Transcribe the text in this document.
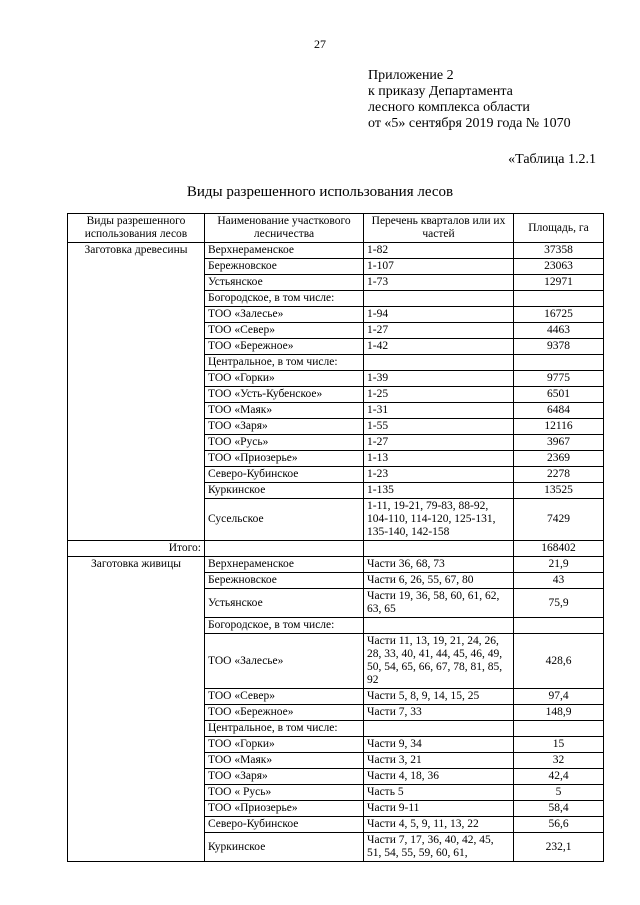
27
Приложение 2
к приказу Департамента
лесного комплекса области
от «5» сентября 2019 года № 1070
«Таблица 1.2.1
Виды разрешенного использования лесов
Виды разрешенного использования лесов	Наименование участкового лесничества	Перечень кварталов или их частей	Площадь, га
Заготовка древесины	Верхнераменское	1-82	37358
	Бережновское	1-107	23063
	Устьянское	1-73	12971
	Богородское, в том числе:		
	ТОО «Залесье»	1-94	16725
	ТОО «Север»	1-27	4463
	ТОО «Бережное»	1-42	9378
	Центральное, в том числе:		
	ТОО «Горки»	1-39	9775
	ТОО «Усть-Кубенское»	1-25	6501
	ТОО «Маяк»	1-31	6484
	ТОО «Заря»	1-55	12116
	ТОО «Русь»	1-27	3967
	ТОО «Приозерье»	1-13	2369
	Северо-Кубинское	1-23	2278
	Куркинское	1-135	13525
	Сусельское	1-11, 19-21, 79-83, 88-92, 104-110, 114-120, 125-131, 135-140, 142-158	7429
Итого:			168402
Заготовка живицы	Верхнераменское	Части 36, 68, 73	21,9
	Бережновское	Части 6, 26, 55, 67, 80	43
	Устьянское	Части 19, 36, 58, 60, 61, 62, 63, 65	75,9
	Богородское, в том числе:		
	ТОО «Залесье»	Части 11, 13, 19, 21, 24, 26, 28, 33, 40, 41, 44, 45, 46, 49, 50, 54, 65, 66, 67, 78, 81, 85, 92	428,6
	ТОО «Север»	Части 5, 8, 9, 14, 15, 25	97,4
	ТОО «Бережное»	Части 7, 33	148,9
	Центральное, в том числе:		
	ТОО «Горки»	Части 9, 34	15
	ТОО «Маяк»	Части 3, 21	32
	ТОО «Заря»	Части 4, 18, 36	42,4
	ТОО « Русь»	Часть 5	5
	ТОО «Приозерье»	Части 9-11	58,4
	Северо-Кубинское	Части 4, 5, 9, 11, 13, 22	56,6
	Куркинское	Части 7, 17, 36, 40, 42, 45, 51, 54, 55, 59, 60, 61,	232,1
